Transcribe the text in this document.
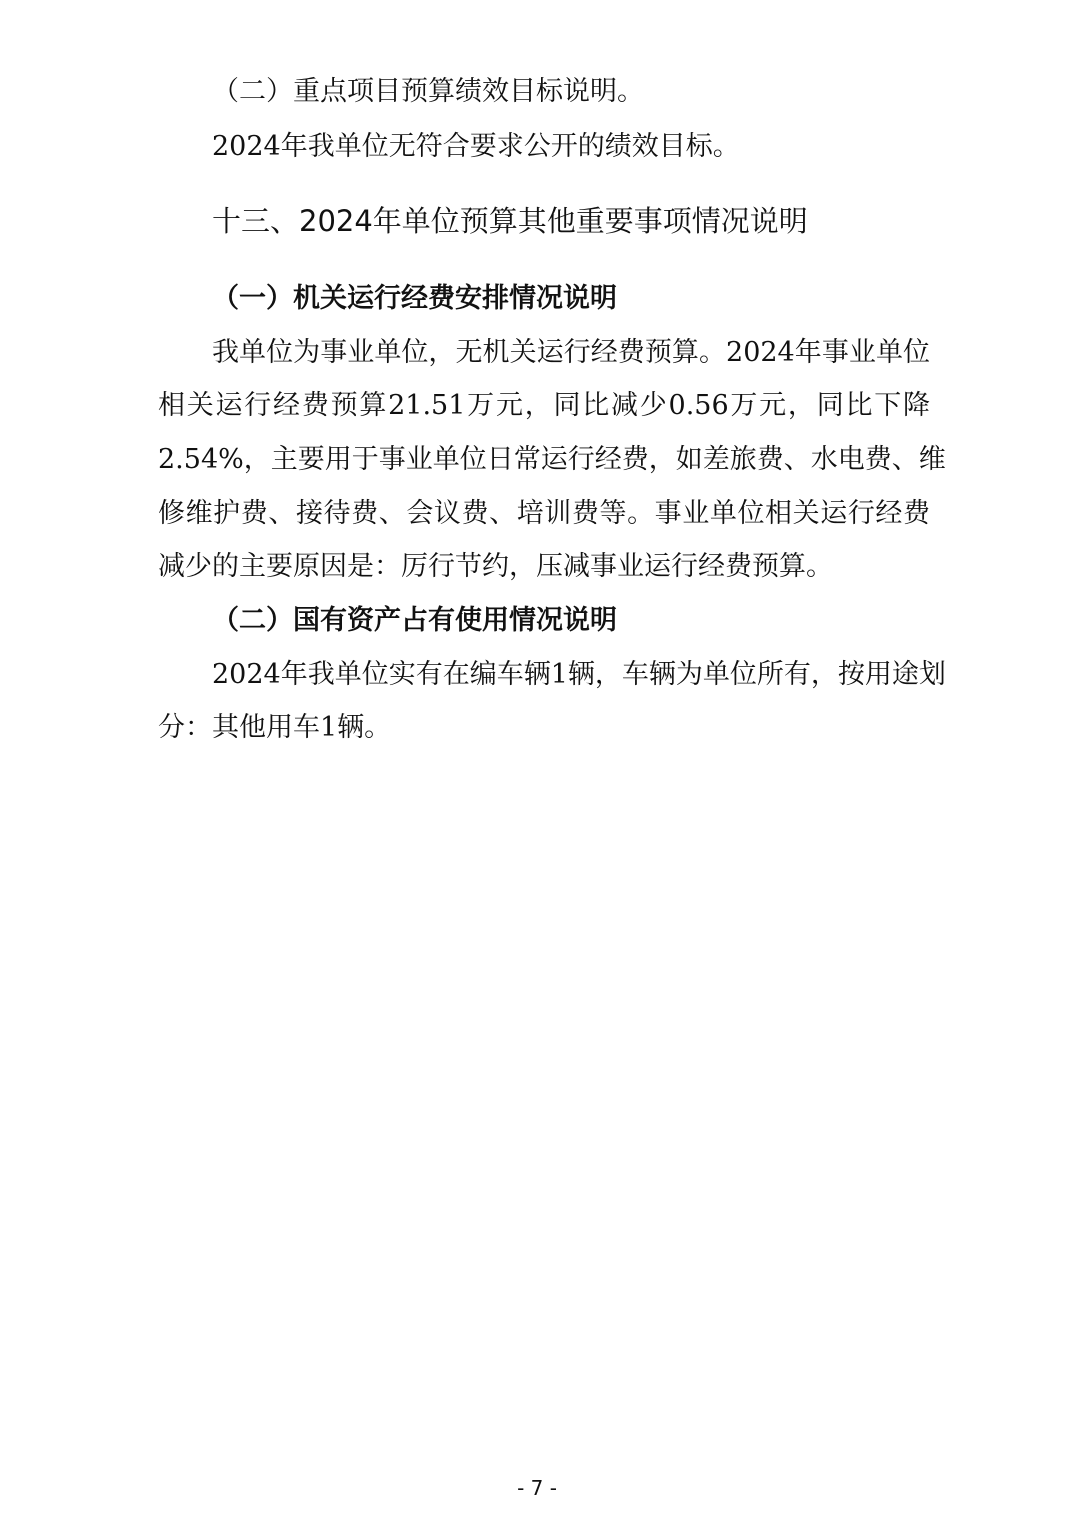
（二）重点项目预算绩效目标说明。

2024年我单位无符合要求公开的绩效目标。

十三、2024年单位预算其他重要事项情况说明

（一）机关运行经费安排情况说明

我单位为事业单位，无机关运行经费预算。2024年事业单位

相关运行经费预算21.51万元，同比减少0.56万元，同比下降

2.54%，主要用于事业单位日常运行经费，如差旅费、水电费、维

修维护费、接待费、会议费、培训费等。事业单位相关运行经费

减少的主要原因是：厉行节约，压减事业运行经费预算。

（二）国有资产占有使用情况说明

2024年我单位实有在编车辆1辆，车辆为单位所有，按用途划

分：其他用车1辆。

- 7 -
